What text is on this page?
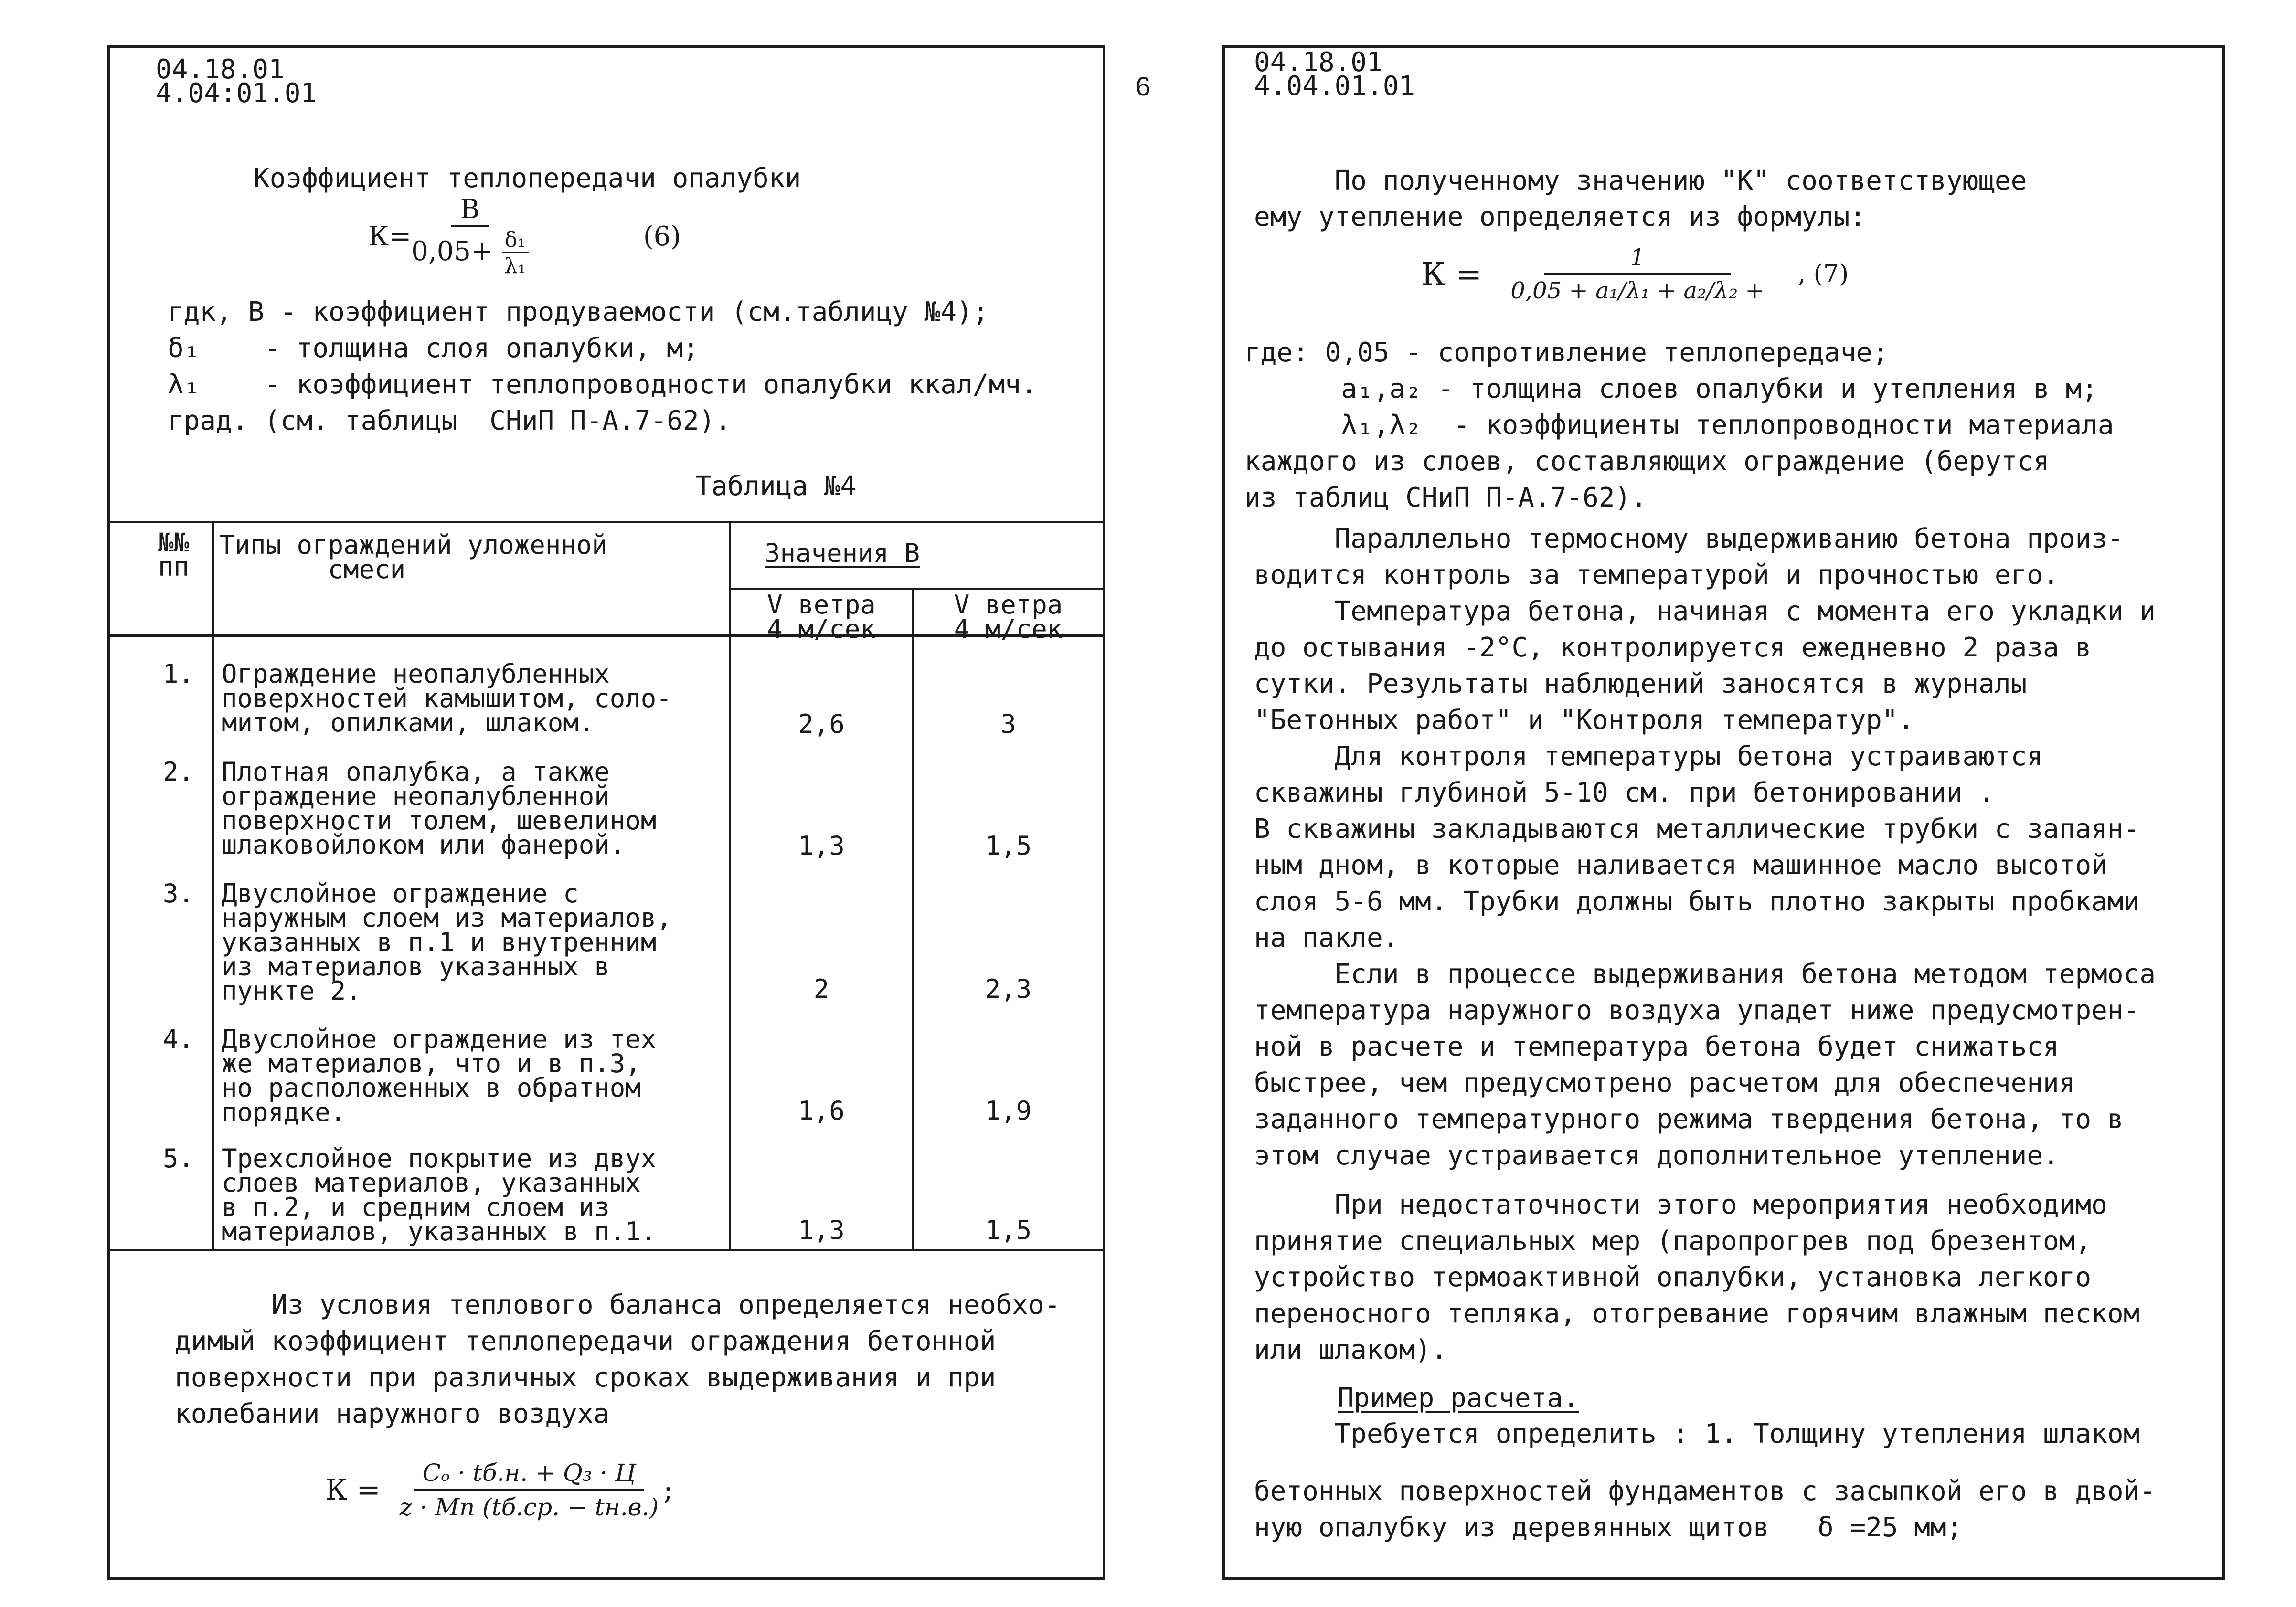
04.18.01
4.04:01.01
Коэффициент теплопередачи опалубки
$К= \frac{В}{0,05+ \frac{\text{δ₁}}{\text{λ₁}}}$	(6)
гдк, В - коэффициент продуваемости (см.таблицу №4);
δ₁    - толщина слоя опалубки, м;
λ₁    - коэффициент теплопроводности опалубки ккал/мч.
град. (см. таблицы  СНиП П-А.7-62).
Таблица №4
№№
пп
Типы ограждений уложенной
смеси
Значения В
V ветра
4 м/сек
V ветра
4 м/сек
1. Ограждение неопалубленных
поверхностей камышитом, соло-
митом, опилками, шлаком.	2,6	3
2. Плотная опалубка, а также
ограждение неопалубленной
поверхности толем, шевелином
шлаковойлоком или фанерой.	1,3	1,5
3. Двуслойное ограждение с
наружным слоем из материалов,
указанных в п.1 и внутренним
из материалов указанных в
пункте 2.	2	2,3
4. Двуслойное ограждение из тех
же материалов, что и в п.3,
но расположенных в обратном
порядке.	1,6	1,9
5. Трехслойное покрытие из двух
слоев материалов, указанных
в п.2, и средним слоем из
материалов, указанных в п.1.	1,3	1,5
Из условия теплового баланса определяется необхо-
димый коэффициент теплопередачи ограждения бетонной
поверхности при различных сроках выдерживания и при
колебании наружного воздуха
$К = \frac{\text{Cₒ · tб.н. + Q₃ · Ц}}{z \cdot Mп (tб.ср. - tн.в.)}$ ;
6
04.18.01
4.04.01.01
По полученному значению "К" соответствующее
ему утепление определяется из формулы:
$К = \frac{1}{\text{0,05 + a₁/λ₁ + a₂/λ₂ +}}$ , (7)
где: 0,05 - сопротивление теплопередаче;
a₁,a₂ - толщина слоев опалубки и утепления в м;
λ₁,λ₂  - коэффициенты теплопроводности материала
каждого из слоев, составляющих ограждение (берутся
из таблиц СНиП П-А.7-62).
Параллельно термосному выдерживанию бетона произ-
водится контроль за температурой и прочностью его.
Температура бетона, начиная с момента его укладки и
до остывания -2°С, контролируется ежедневно 2 раза в
сутки. Результаты наблюдений заносятся в журналы
"Бетонных работ" и "Контроля температур".
Для контроля температуры бетона устраиваются
скважины глубиной 5-10 см. при бетонировании .
В скважины закладываются металлические трубки с запаян-
ным дном, в которые наливается машинное масло высотой
слоя 5-6 мм. Трубки должны быть плотно закрыты пробками
на пакле.
Если в процессе выдерживания бетона методом термоса
температура наружного воздуха упадет ниже предусмотрен-
ной в расчете и температура бетона будет снижаться
быстрее, чем предусмотрено расчетом для обеспечения
заданного температурного режима твердения бетона, то в
этом случае устраивается дополнительное утепление.
При недостаточности этого мероприятия необходимо
принятие специальных мер (паропрогрев под брезентом,
устройство термоактивной опалубки, установка легкого
переносного тепляка, отогревание горячим влажным песком
или шлаком).
Пример расчета.
Требуется определить : 1. Толщину утепления шлаком
бетонных поверхностей фундаментов с засыпкой его в двой-
ную опалубку из деревянных щитов   δ =25 мм;
